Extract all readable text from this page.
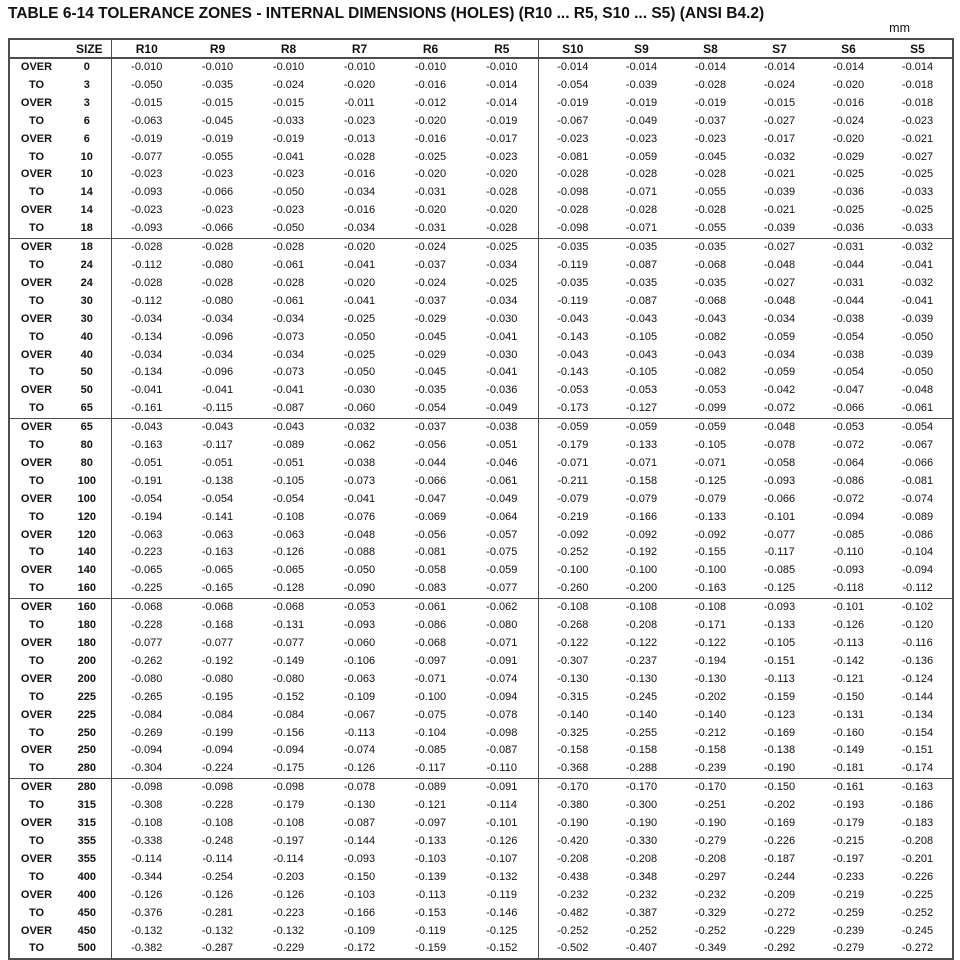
TABLE 6-14 TOLERANCE ZONES - INTERNAL DIMENSIONS (HOLES) (R10 ... R5, S10 ... S5) (ANSI B4.2)
mm
SIZE		R10	R9	R8	R7	R6	R5	S10	S9	S8	S7	S6	S5
OVER	0	-0.010	-0.010	-0.010	-0.010	-0.010	-0.010	-0.014	-0.014	-0.014	-0.014	-0.014	-0.014
TO	3	-0.050	-0.035	-0.024	-0.020	-0.016	-0.014	-0.054	-0.039	-0.028	-0.024	-0.020	-0.018
OVER	3	-0.015	-0.015	-0.015	-0.011	-0.012	-0.014	-0.019	-0.019	-0.019	-0.015	-0.016	-0.018
TO	6	-0.063	-0.045	-0.033	-0.023	-0.020	-0.019	-0.067	-0.049	-0.037	-0.027	-0.024	-0.023
OVER	6	-0.019	-0.019	-0.019	-0.013	-0.016	-0.017	-0.023	-0.023	-0.023	-0.017	-0.020	-0.021
TO	10	-0.077	-0.055	-0.041	-0.028	-0.025	-0.023	-0.081	-0.059	-0.045	-0.032	-0.029	-0.027
OVER	10	-0.023	-0.023	-0.023	-0.016	-0.020	-0.020	-0.028	-0.028	-0.028	-0.021	-0.025	-0.025
TO	14	-0.093	-0.066	-0.050	-0.034	-0.031	-0.028	-0.098	-0.071	-0.055	-0.039	-0.036	-0.033
OVER	14	-0.023	-0.023	-0.023	-0.016	-0.020	-0.020	-0.028	-0.028	-0.028	-0.021	-0.025	-0.025
TO	18	-0.093	-0.066	-0.050	-0.034	-0.031	-0.028	-0.098	-0.071	-0.055	-0.039	-0.036	-0.033
OVER	18	-0.028	-0.028	-0.028	-0.020	-0.024	-0.025	-0.035	-0.035	-0.035	-0.027	-0.031	-0.032
TO	24	-0.112	-0.080	-0.061	-0.041	-0.037	-0.034	-0.119	-0.087	-0.068	-0.048	-0.044	-0.041
OVER	24	-0.028	-0.028	-0.028	-0.020	-0.024	-0.025	-0.035	-0.035	-0.035	-0.027	-0.031	-0.032
TO	30	-0.112	-0.080	-0.061	-0.041	-0.037	-0.034	-0.119	-0.087	-0.068	-0.048	-0.044	-0.041
OVER	30	-0.034	-0.034	-0.034	-0.025	-0.029	-0.030	-0.043	-0.043	-0.043	-0.034	-0.038	-0.039
TO	40	-0.134	-0.096	-0.073	-0.050	-0.045	-0.041	-0.143	-0.105	-0.082	-0.059	-0.054	-0.050
OVER	40	-0.034	-0.034	-0.034	-0.025	-0.029	-0.030	-0.043	-0.043	-0.043	-0.034	-0.038	-0.039
TO	50	-0.134	-0.096	-0.073	-0.050	-0.045	-0.041	-0.143	-0.105	-0.082	-0.059	-0.054	-0.050
OVER	50	-0.041	-0.041	-0.041	-0.030	-0.035	-0.036	-0.053	-0.053	-0.053	-0.042	-0.047	-0.048
TO	65	-0.161	-0.115	-0.087	-0.060	-0.054	-0.049	-0.173	-0.127	-0.099	-0.072	-0.066	-0.061
OVER	65	-0.043	-0.043	-0.043	-0.032	-0.037	-0.038	-0.059	-0.059	-0.059	-0.048	-0.053	-0.054
TO	80	-0.163	-0.117	-0.089	-0.062	-0.056	-0.051	-0.179	-0.133	-0.105	-0.078	-0.072	-0.067
OVER	80	-0.051	-0.051	-0.051	-0.038	-0.044	-0.046	-0.071	-0.071	-0.071	-0.058	-0.064	-0.066
TO	100	-0.191	-0.138	-0.105	-0.073	-0.066	-0.061	-0.211	-0.158	-0.125	-0.093	-0.086	-0.081
OVER	100	-0.054	-0.054	-0.054	-0.041	-0.047	-0.049	-0.079	-0.079	-0.079	-0.066	-0.072	-0.074
TO	120	-0.194	-0.141	-0.108	-0.076	-0.069	-0.064	-0.219	-0.166	-0.133	-0.101	-0.094	-0.089
OVER	120	-0.063	-0.063	-0.063	-0.048	-0.056	-0.057	-0.092	-0.092	-0.092	-0.077	-0.085	-0.086
TO	140	-0.223	-0.163	-0.126	-0.088	-0.081	-0.075	-0.252	-0.192	-0.155	-0.117	-0.110	-0.104
OVER	140	-0.065	-0.065	-0.065	-0.050	-0.058	-0.059	-0.100	-0.100	-0.100	-0.085	-0.093	-0.094
TO	160	-0.225	-0.165	-0.128	-0.090	-0.083	-0.077	-0.260	-0.200	-0.163	-0.125	-0.118	-0.112
OVER	160	-0.068	-0.068	-0.068	-0.053	-0.061	-0.062	-0.108	-0.108	-0.108	-0.093	-0.101	-0.102
TO	180	-0.228	-0.168	-0.131	-0.093	-0.086	-0.080	-0.268	-0.208	-0.171	-0.133	-0.126	-0.120
OVER	180	-0.077	-0.077	-0.077	-0.060	-0.068	-0.071	-0.122	-0.122	-0.122	-0.105	-0.113	-0.116
TO	200	-0.262	-0.192	-0.149	-0.106	-0.097	-0.091	-0.307	-0.237	-0.194	-0.151	-0.142	-0.136
OVER	200	-0.080	-0.080	-0.080	-0.063	-0.071	-0.074	-0.130	-0.130	-0.130	-0.113	-0.121	-0.124
TO	225	-0.265	-0.195	-0.152	-0.109	-0.100	-0.094	-0.315	-0.245	-0.202	-0.159	-0.150	-0.144
OVER	225	-0.084	-0.084	-0.084	-0.067	-0.075	-0.078	-0.140	-0.140	-0.140	-0.123	-0.131	-0.134
TO	250	-0.269	-0.199	-0.156	-0.113	-0.104	-0.098	-0.325	-0.255	-0.212	-0.169	-0.160	-0.154
OVER	250	-0.094	-0.094	-0.094	-0.074	-0.085	-0.087	-0.158	-0.158	-0.158	-0.138	-0.149	-0.151
TO	280	-0.304	-0.224	-0.175	-0.126	-0.117	-0.110	-0.368	-0.288	-0.239	-0.190	-0.181	-0.174
OVER	280	-0.098	-0.098	-0.098	-0.078	-0.089	-0.091	-0.170	-0.170	-0.170	-0.150	-0.161	-0.163
TO	315	-0.308	-0.228	-0.179	-0.130	-0.121	-0.114	-0.380	-0.300	-0.251	-0.202	-0.193	-0.186
OVER	315	-0.108	-0.108	-0.108	-0.087	-0.097	-0.101	-0.190	-0.190	-0.190	-0.169	-0.179	-0.183
TO	355	-0.338	-0.248	-0.197	-0.144	-0.133	-0.126	-0.420	-0.330	-0.279	-0.226	-0.215	-0.208
OVER	355	-0.114	-0.114	-0.114	-0.093	-0.103	-0.107	-0.208	-0.208	-0.208	-0.187	-0.197	-0.201
TO	400	-0.344	-0.254	-0.203	-0.150	-0.139	-0.132	-0.438	-0.348	-0.297	-0.244	-0.233	-0.226
OVER	400	-0.126	-0.126	-0.126	-0.103	-0.113	-0.119	-0.232	-0.232	-0.232	-0.209	-0.219	-0.225
TO	450	-0.376	-0.281	-0.223	-0.166	-0.153	-0.146	-0.482	-0.387	-0.329	-0.272	-0.259	-0.252
OVER	450	-0.132	-0.132	-0.132	-0.109	-0.119	-0.125	-0.252	-0.252	-0.252	-0.229	-0.239	-0.245
TO	500	-0.382	-0.287	-0.229	-0.172	-0.159	-0.152	-0.502	-0.407	-0.349	-0.292	-0.279	-0.272
